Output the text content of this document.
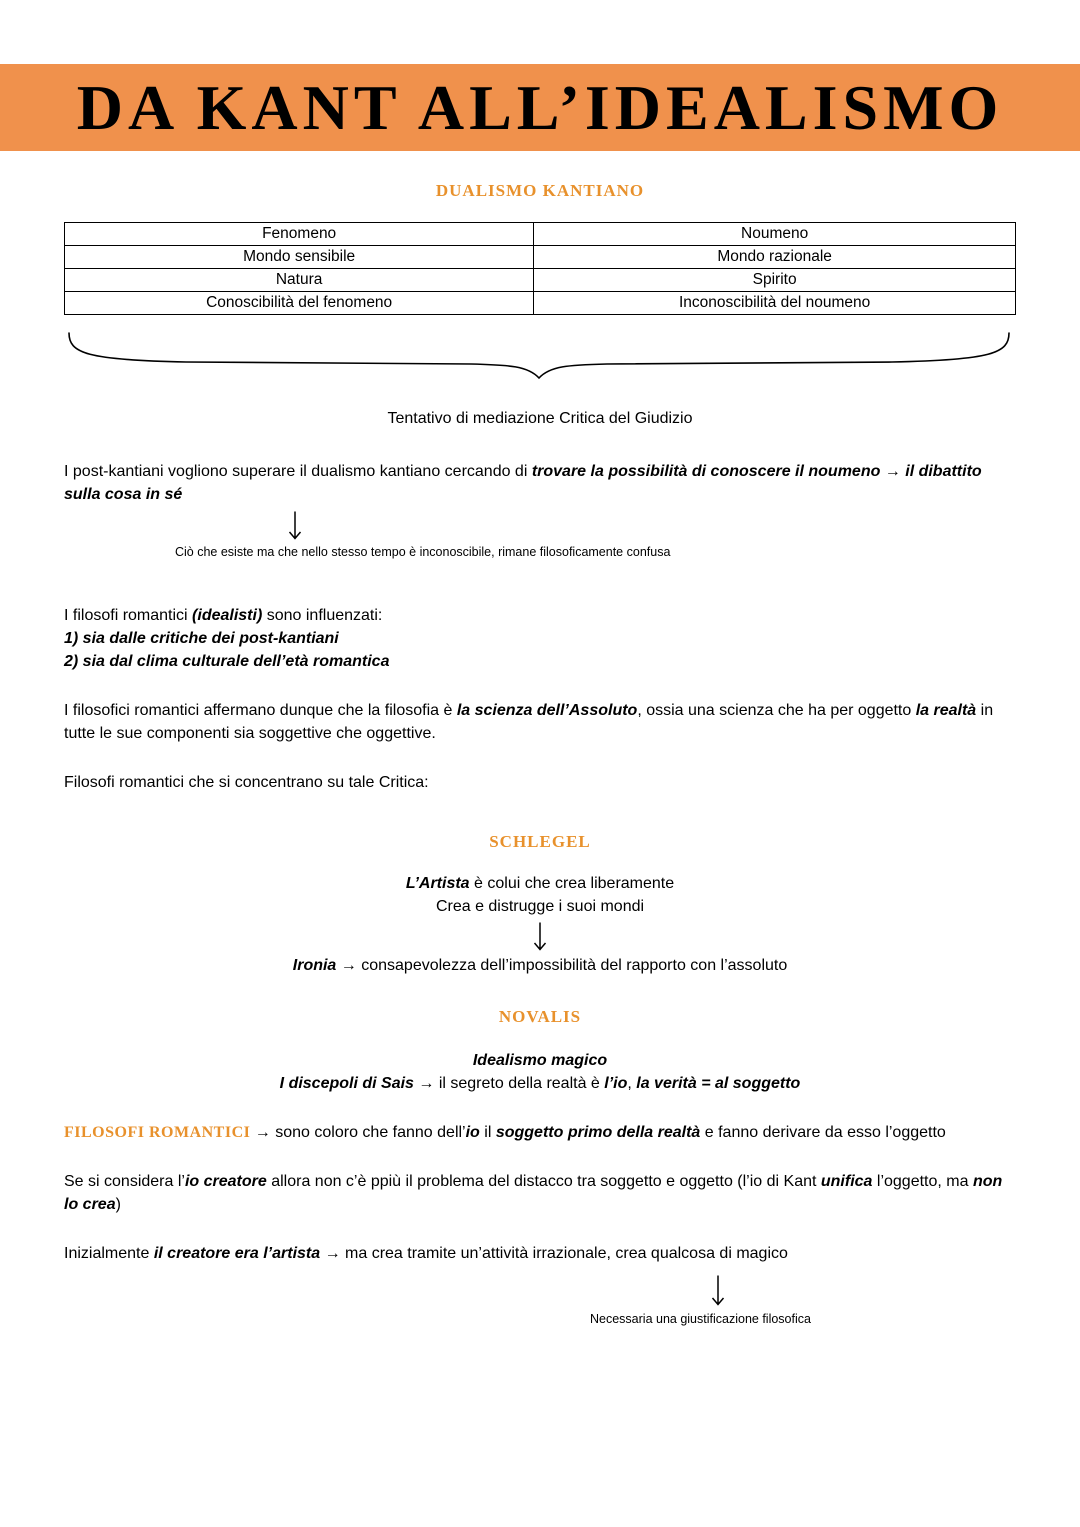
DA KANT ALL’IDEALISMO
DUALISMO KANTIANO
Fenomeno	Noumeno
Mondo sensibile	Mondo razionale
Natura	Spirito
Conoscibilità del fenomeno	Inconoscibilità del noumeno

Tentativo di mediazione Critica del Giudizio

I post-kantiani vogliono superare il dualismo kantiano cercando di trovare la possibilità di conoscere il noumeno → il dibattito sulla cosa in sé

Ciò che esiste ma che nello stesso tempo è inconoscibile, rimane filosoficamente confusa

I filosofi romantici (idealisti) sono influenzati:

1) sia dalle critiche dei post-kantiani

2) sia dal clima culturale dell’età romantica

I filosofici romantici affermano dunque che la filosofia è la scienza dell’Assoluto, ossia una scienza che ha per oggetto la realtà in tutte le sue componenti sia soggettive che oggettive.

Filosofi romantici che si concentrano su tale Critica:

SCHLEGEL

L’Artista è colui che crea liberamente

Crea e distrugge i suoi mondi

Ironia → consapevolezza dell’impossibilità del rapporto con l’assoluto

NOVALIS

Idealismo magico

I discepoli di Sais → il segreto della realtà è l’io, la verità = al soggetto

FILOSOFI ROMANTICI → sono coloro che fanno dell’io il soggetto primo della realtà e fanno derivare da esso l’oggetto

Se si considera l’io creatore allora non c’è ppiù il problema del distacco tra soggetto e oggetto (l’io di Kant unifica l’oggetto, ma non lo crea)

Inizialmente il creatore era l’artista → ma crea tramite un’attività irrazionale, crea qualcosa di magico

Necessaria una giustificazione filosofica
